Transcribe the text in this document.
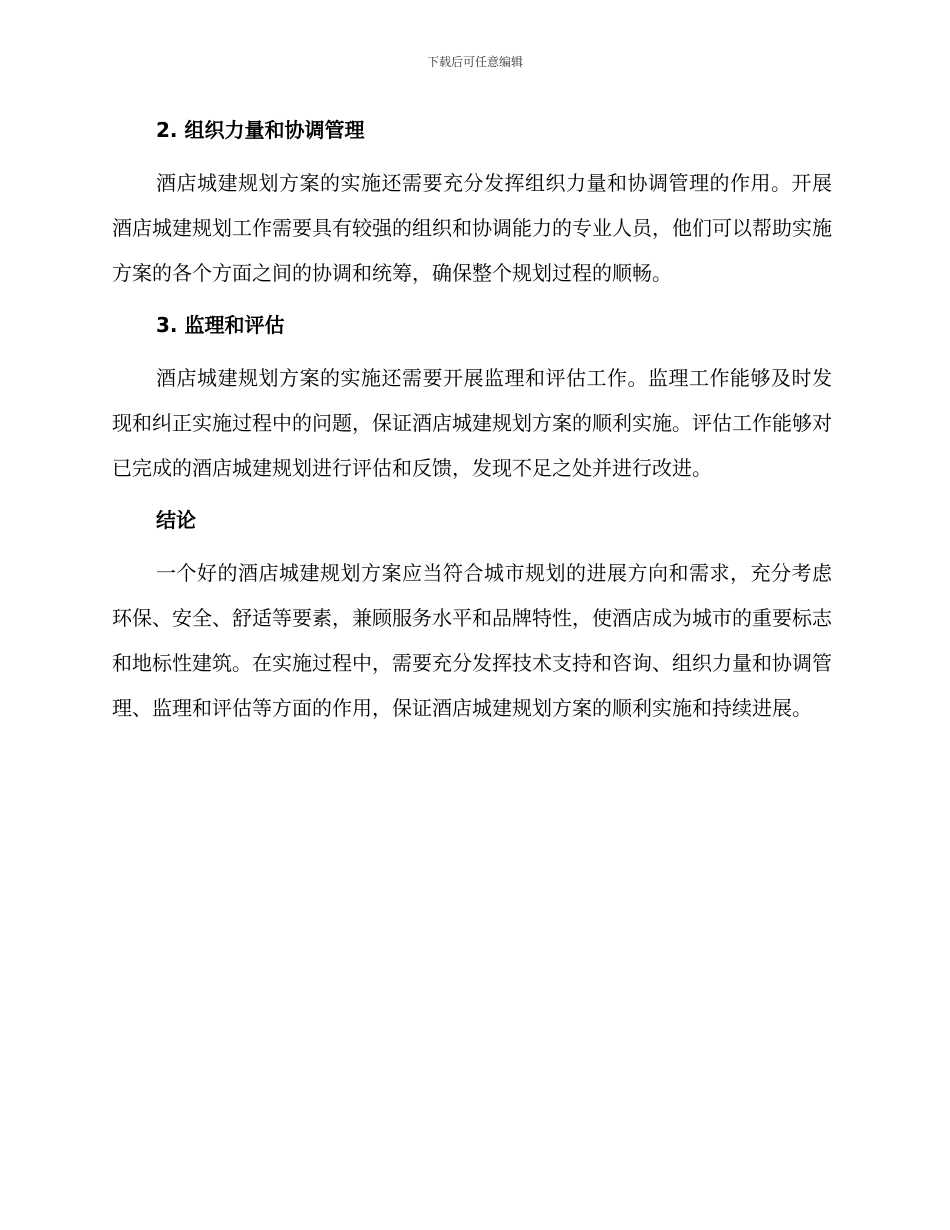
下载后可任意编辑
2. 组织力量和协调管理

酒店城建规划方案的实施还需要充分发挥组织力量和协调管理的作用。开展酒店城建规划工作需要具有较强的组织和协调能力的专业人员，他们可以帮助实施方案的各个方面之间的协调和统筹，确保整个规划过程的顺畅。

3. 监理和评估

酒店城建规划方案的实施还需要开展监理和评估工作。监理工作能够及时发现和纠正实施过程中的问题，保证酒店城建规划方案的顺利实施。评估工作能够对已完成的酒店城建规划进行评估和反馈，发现不足之处并进行改进。

结论

一个好的酒店城建规划方案应当符合城市规划的进展方向和需求，充分考虑环保、安全、舒适等要素，兼顾服务水平和品牌特性，使酒店成为城市的重要标志和地标性建筑。在实施过程中，需要充分发挥技术支持和咨询、组织力量和协调管理、监理和评估等方面的作用，保证酒店城建规划方案的顺利实施和持续进展。
